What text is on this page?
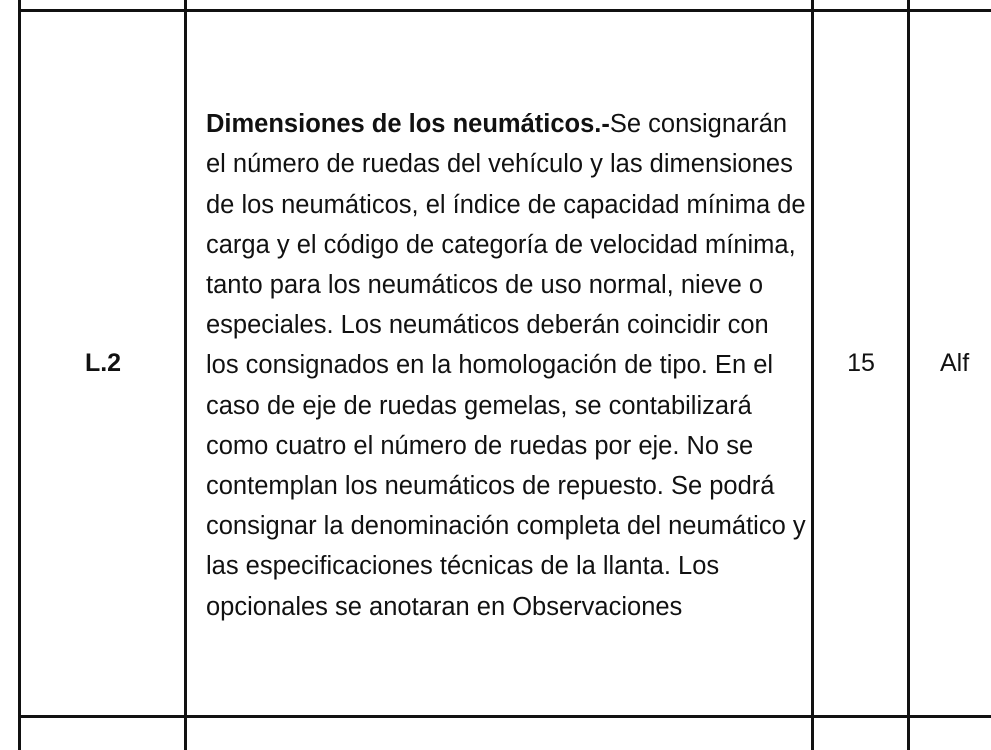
L.2

Dimensiones de los neumáticos.-Se consignarán el número de ruedas del vehículo y las dimensiones de los neumáticos, el índice de capacidad mínima de carga y el código de categoría de velocidad mínima, tanto para los neumáticos de uso normal, nieve o especiales. Los neumáticos deberán coincidir con los consignados en la homologación de tipo. En el caso de eje de ruedas gemelas, se contabilizará como cuatro el número de ruedas por eje. No se contemplan los neumáticos de repuesto. Se podrá consignar la denominación completa del neumático y las especificaciones técnicas de la llanta. Los opcionales se anotaran en Observaciones

15	Alf
